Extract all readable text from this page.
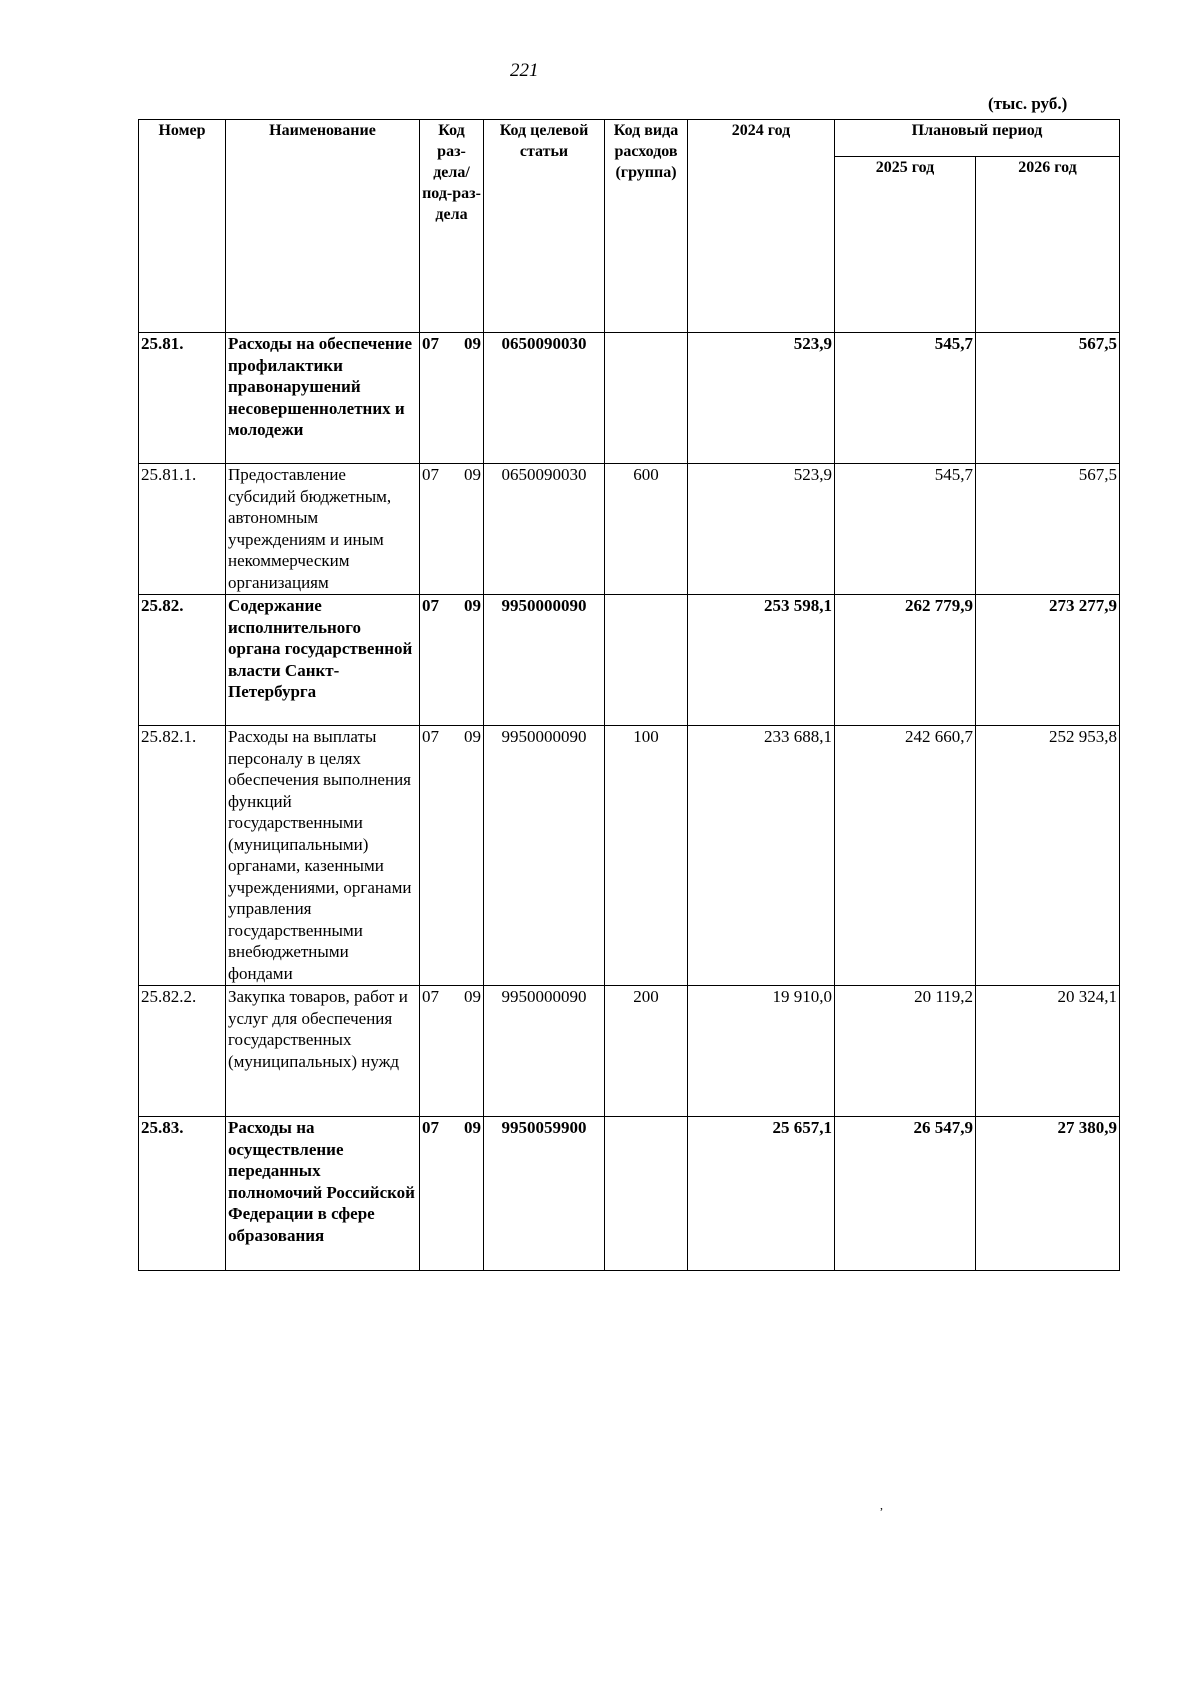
221
(тыс. руб.)
Номер	Наименование	Код раз-дела/ под-раз-дела	Код целевой статьи	Код вида расходов (группа)	2024 год	Плановый период	
						2025 год	2026 год
25.81.	Расходы на обеспечение профилактики правонарушений несовершеннолетних и молодежи	07 09	0650090030		523,9	545,7	567,5
25.81.1.	Предоставление субсидий бюджетным, автономным учреждениям и иным некоммерческим организациям	07 09	0650090030	600	523,9	545,7	567,5
25.82.	Содержание исполнительного органа государственной власти Санкт-Петербурга	07 09	9950000090		253 598,1	262 779,9	273 277,9
25.82.1.	Расходы на выплаты персоналу в целях обеспечения выполнения функций государственными (муниципальными) органами, казенными учреждениями, органами управления государственными внебюджетными фондами	07 09	9950000090	100	233 688,1	242 660,7	252 953,8
25.82.2.	Закупка товаров, работ и услуг для обеспечения государственных (муниципальных) нужд	07 09	9950000090	200	19 910,0	20 119,2	20 324,1
25.83.	Расходы на осуществление переданных полномочий Российской Федерации в сфере образования	07 09	9950059900		25 657,1	26 547,9	27 380,9
,
